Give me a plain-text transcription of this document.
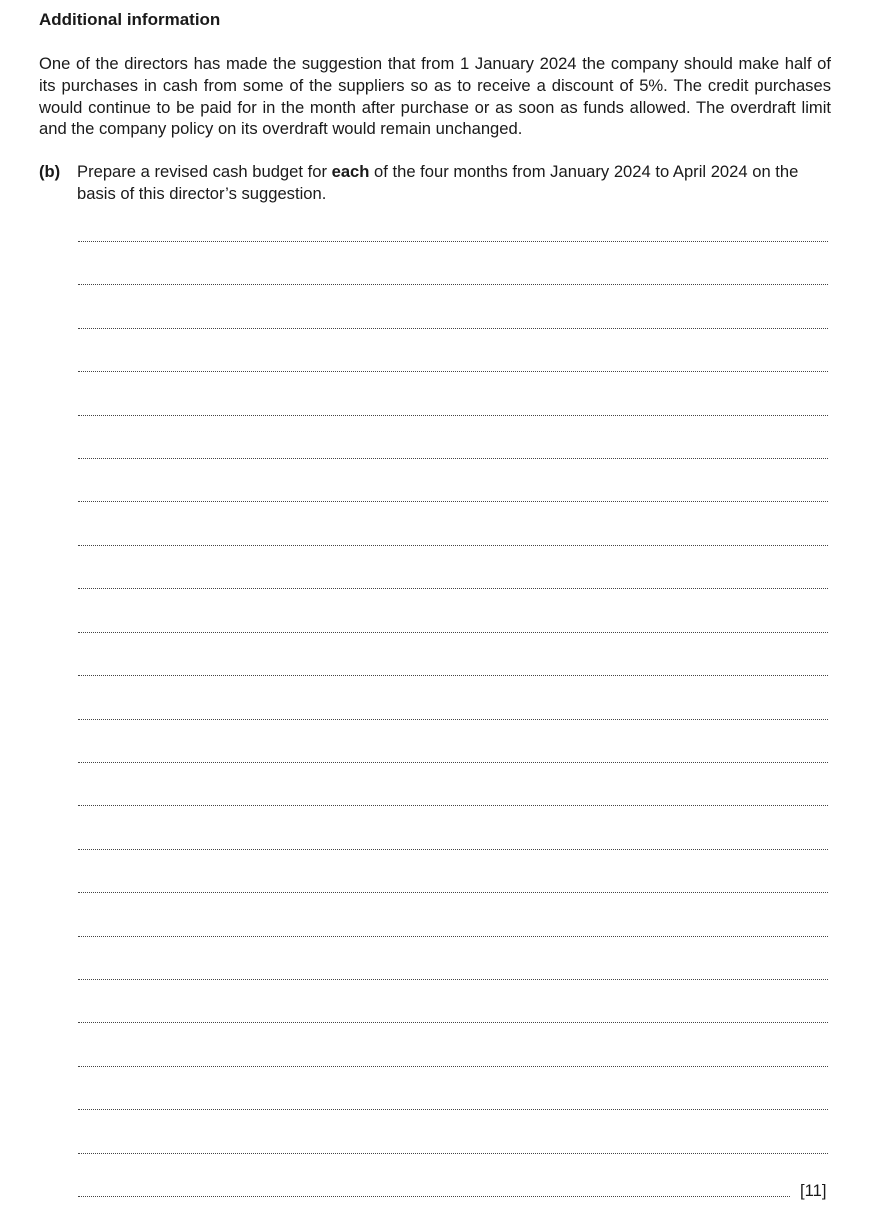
Additional information

One of the directors has made the suggestion that from 1 January 2024 the company should make half of its purchases in cash from some of the suppliers so as to receive a discount of 5%. The credit purchases would continue to be paid for in the month after purchase or as soon as funds allowed. The overdraft limit and the company policy on its overdraft would remain unchanged.

(b) Prepare a revised cash budget for each of the four months from January 2024 to April 2024 on the basis of this director’s suggestion.
[11]
